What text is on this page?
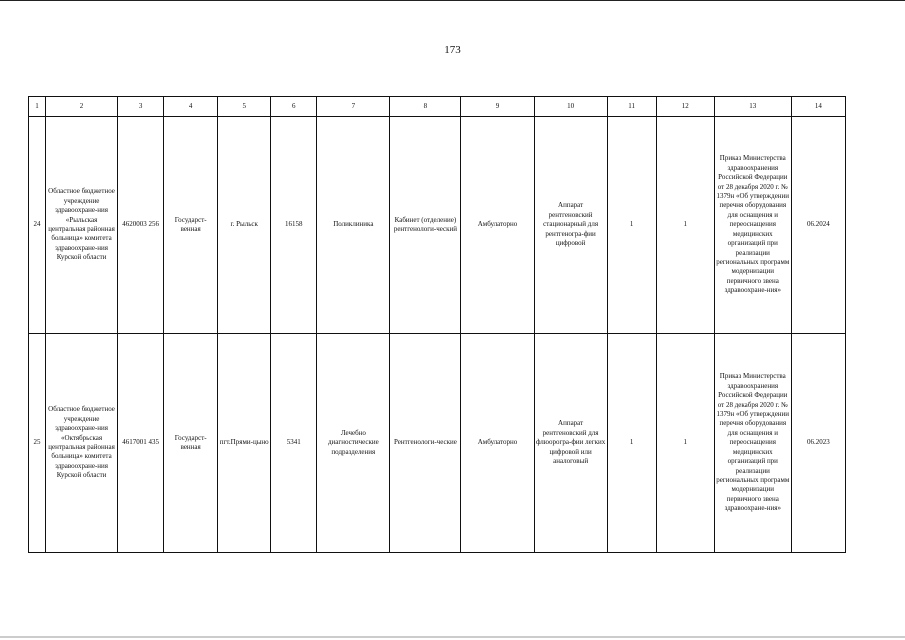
173
1	2	3	4	5	6	7	8	9	10	11	12	13	14
24	Областное бюджетное учреждение здравоохране-ния «Рыльская центральная районная больница» комитета здравоохране-ния Курской области	4620003 256	Государст-венная	г. Рыльск	16158	Поликлиника	Кабинет (отделение) рентгенологи-ческий	Амбулаторно	Аппарат рентгеновский стационарный для рентгеногра-фии цифровой	1	1	Приказ Министерства здравоохранения Российской Федерации от 28 декабря 2020 г. № 1379н «Об утверждении перечня оборудования для оснащения и переоснащения медицинских организаций при реализации региональных программ модернизации первичного звена здравоохране-ния»	06.2024
25	Областное бюджетное учреждение здравоохране-ния «Октябрьская центральная районная больница» комитета здравоохране-ния Курской области	4617001 435	Государст-венная	пгт.Прями-цыно	5341	Лечебно диагностические подразделения	Рентгенологи-ческие	Амбулаторно	Аппарат рентгеновский для флюорогра-фии легких цифровой или аналоговый	1	1	Приказ Министерства здравоохранения Российской Федерации от 28 декабря 2020 г. № 1379н «Об утверждении перечня оборудования для оснащения и переоснащения медицинских организаций при реализации региональных программ модернизации первичного звена здравоохране-ния»	06.2023
